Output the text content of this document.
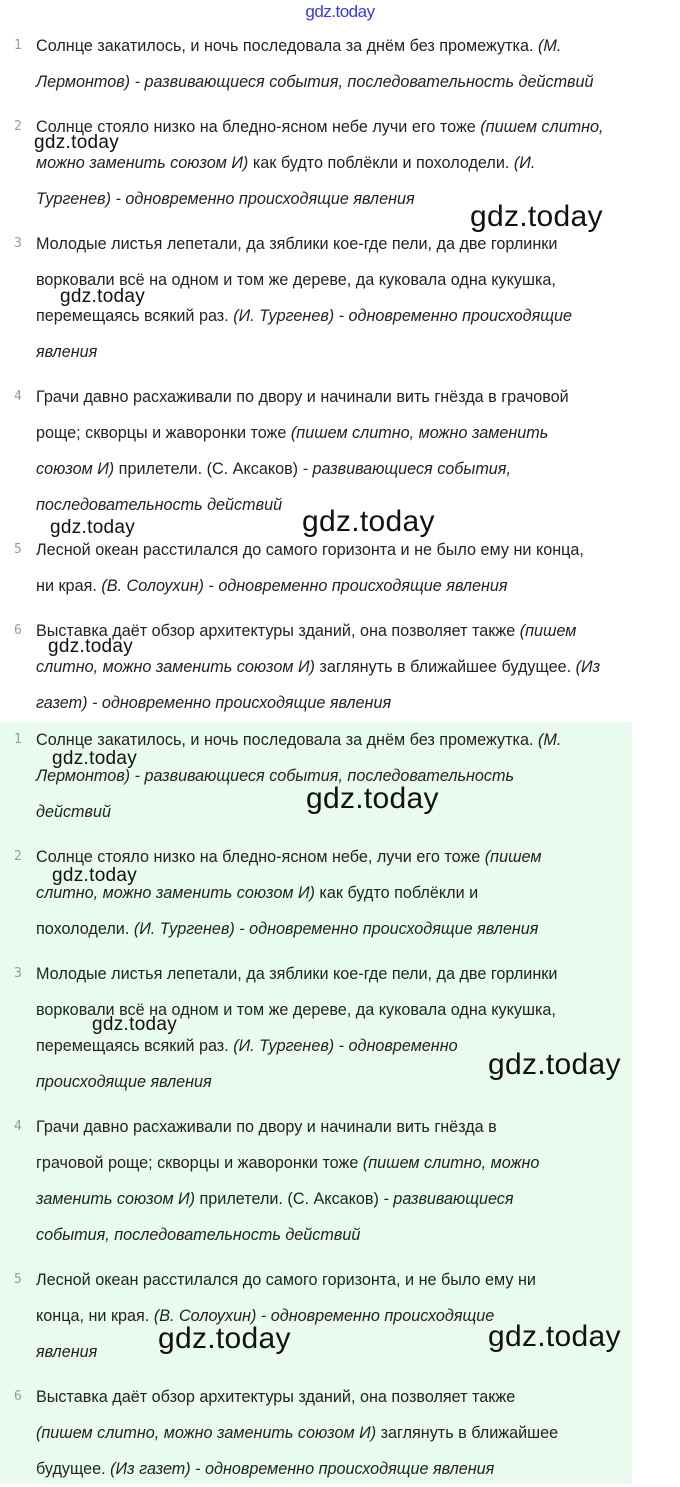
gdz.today
1 Солнце закатилось, и ночь последовала за днём без промежутка. (М.
Лермонтов) - развивающиеся события, последовательность действий
2 Солнце стояло низко на бледно-ясном небе лучи его тоже (пишем слитно,
можно заменить союзом И) как будто поблёкли и похолодели. (И.
Тургенев) - одновременно происходящие явления
3 Молодые листья лепетали, да зяблики кое-где пели, да две горлинки
ворковали всё на одном и том же дереве, да куковала одна кукушка,
перемещаясь всякий раз. (И. Тургенев) - одновременно происходящие
явления
4 Грачи давно расхаживали по двору и начинали вить гнёзда в грачовой
роще; скворцы и жаворонки тоже (пишем слитно, можно заменить
союзом И) прилетели. (С. Аксаков) - развивающиеся события,
последовательность действий
5 Лесной океан расстилался до самого горизонта и не было ему ни конца,
ни края. (В. Солоухин) - одновременно происходящие явления
6 Выставка даёт обзор архитектуры зданий, она позволяет также (пишем
слитно, можно заменить союзом И) заглянуть в ближайшее будущее. (Из
газет) - одновременно происходящие явления
1 Солнце закатилось, и ночь последовала за днём без промежутка. (М.
Лермонтов) - развивающиеся события, последовательность
действий
2 Солнце стояло низко на бледно-ясном небе, лучи его тоже (пишем
слитно, можно заменить союзом И) как будто поблёкли и
похолодели. (И. Тургенев) - одновременно происходящие явления
3 Молодые листья лепетали, да зяблики кое-где пели, да две горлинки
ворковали всё на одном и том же дереве, да куковала одна кукушка,
перемещаясь всякий раз. (И. Тургенев) - одновременно
происходящие явления
4 Грачи давно расхаживали по двору и начинали вить гнёзда в
грачовой роще; скворцы и жаворонки тоже (пишем слитно, можно
заменить союзом И) прилетели. (С. Аксаков) - развивающиеся
события, последовательность действий
5 Лесной океан расстилался до самого горизонта, и не было ему ни
конца, ни края. (В. Солоухин) - одновременно происходящие
явления
6 Выставка даёт обзор архитектуры зданий, она позволяет также
(пишем слитно, можно заменить союзом И) заглянуть в ближайшее
будущее. (Из газет) - одновременно происходящие явления
gdz.today
gdz.today
gdz.today
gdz.today	gdz.today
gdz.today
gdz.today
gdz.today
gdz.today
gdz.today
gdz.today
gdz.today	gdz.today
